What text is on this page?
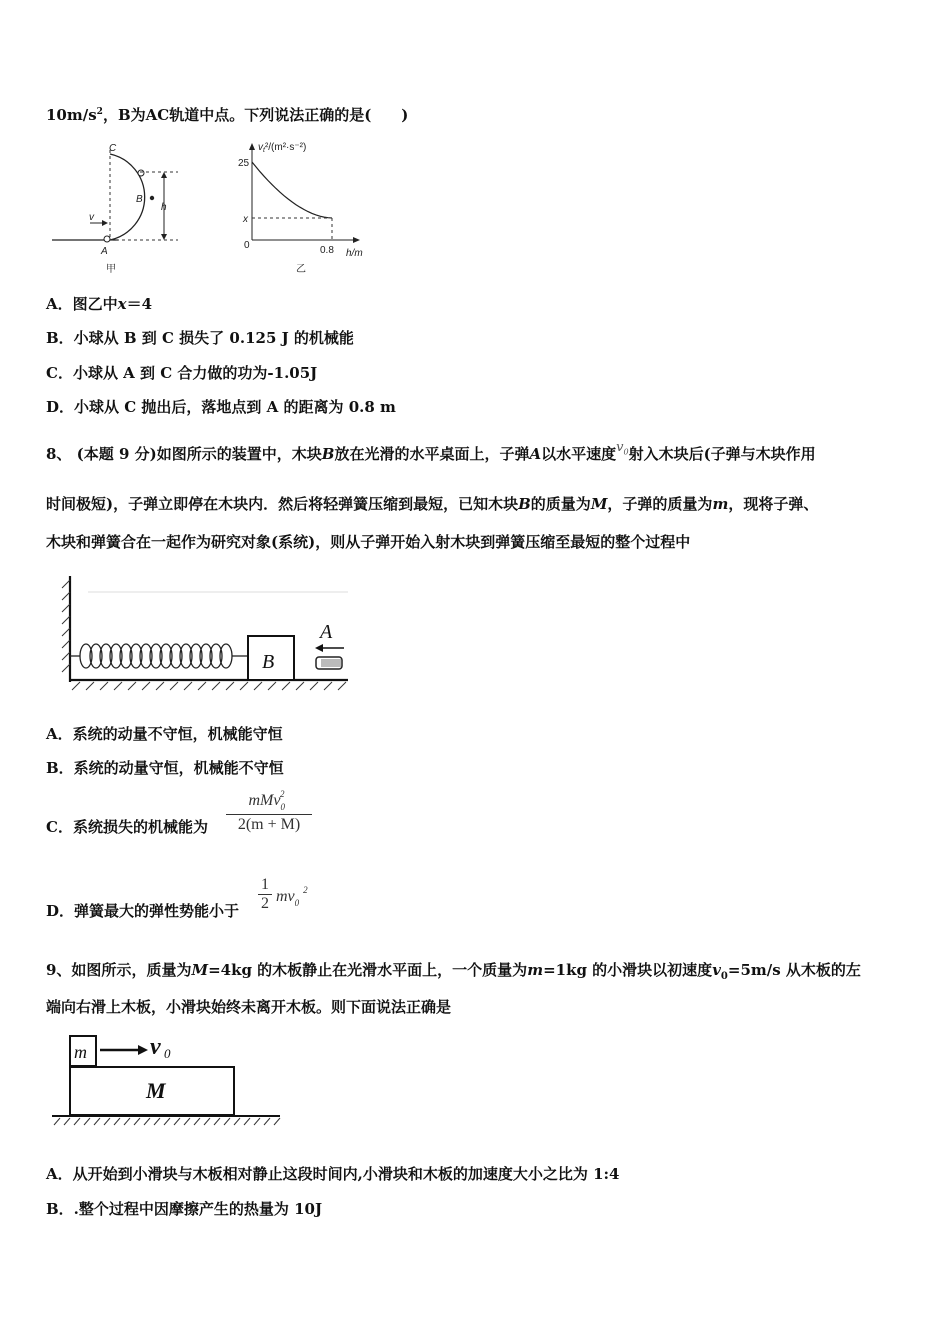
$10m/s^2$，B为AC轨道中点。下列说法正确的是(　　)
C
B
A
v
h
甲
$v_t^2/(m^2\cdot s^{-2})$
25
x
0	0.8 h/m
乙
A．图乙中x＝4
B．小球从 B 到 C 损失了 0.125 J 的机械能
C．小球从 A 到 C 合力做的功为-1.05J
D．小球从 C 抛出后，落地点到 A 的距离为 0.8 m
8、 (本题 9 分)如图所示的装置中，木块B放在光滑的水平桌面上，子弹A以水平速度$v_0$射入木块后(子弹与木块作用
时间极短)，子弹立即停在木块内．然后将轻弹簧压缩到最短，已知木块B的质量为M，子弹的质量为m，现将子弹、
木块和弹簧合在一起作为研究对象(系统)，则从子弹开始入射木块到弹簧压缩至最短的整个过程中
B
A
A．系统的动量不守恒，机械能守恒
B．系统的动量守恒，机械能不守恒
C．系统损失的机械能为
mMv$_0^2$
2(m + M)
D．弹簧最大的弹性势能小于
1
2 $mv_0^2$
9、如图所示，质量为M=4kg 的木板静止在光滑水平面上，一个质量为m=1kg 的小滑块以初速度$v_0=5m/s$ 从木板的左
端向右滑上木板，小滑块始终未离开木板。则下面说法正确是
m	v 0
M
A．从开始到小滑块与木板相对静止这段时间内,小滑块和木板的加速度大小之比为 1:4
B．.整个过程中因摩擦产生的热量为 10J
